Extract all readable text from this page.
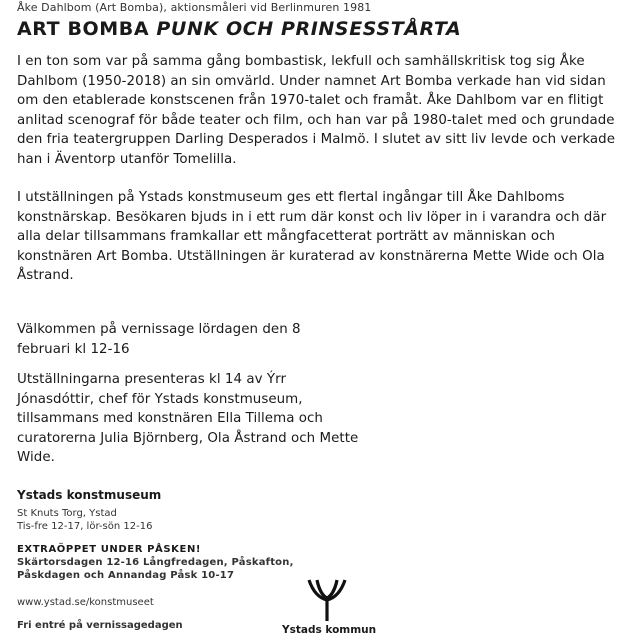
Åke Dahlbom (Art Bomba), aktionsmåleri vid Berlinmuren 1981
ART BOMBA PUNK OCH PRINSESSTÅRTA
I en ton som var på samma gång bombastisk, lekfull och samhällskritisk tog sig Åke Dahlbom (1950-2018) an sin omvärld. Under namnet Art Bomba verkade han vid sidan om den etablerade konstscenen från 1970-talet och framåt. Åke Dahlbom var en flitigt anlitad scenograf för både teater och film, och han var på 1980-talet med och grundade den fria teatergruppen Darling Desperados i Malmö. I slutet av sitt liv levde och verkade han i Äventorp utanför Tomelilla.
I utställningen på Ystads konstmuseum ges ett flertal ingångar till Åke Dahlboms konstnärskap. Besökaren bjuds in i ett rum där konst och liv löper in i varandra och där alla delar tillsammans framkallar ett mångfacetterat porträtt av människan och konstnären Art Bomba. Utställningen är kuraterad av konstnärerna Mette Wide och Ola Åstrand.
Välkommen på vernissage lördagen den 8 februari kl 12-16
Utställningarna presenteras kl 14 av Ýrr Jónasdóttir, chef för Ystads konstmuseum, tillsammans med konstnären Ella Tillema och curatorerna Julia Björnberg, Ola Åstrand och Mette Wide.
Ystads konstmuseum
St Knuts Torg, Ystad
Tis-fre 12-17, lör-sön 12-16
EXTRAÖPPET UNDER PÅSKEN!
Skärtorsdagen 12-16 Långfredagen, Påskafton,
Påskdagen och Annandag Påsk 10-17
www.ystad.se/konstmuseet
Fri entré på vernissagedagen	Ystads kommun
